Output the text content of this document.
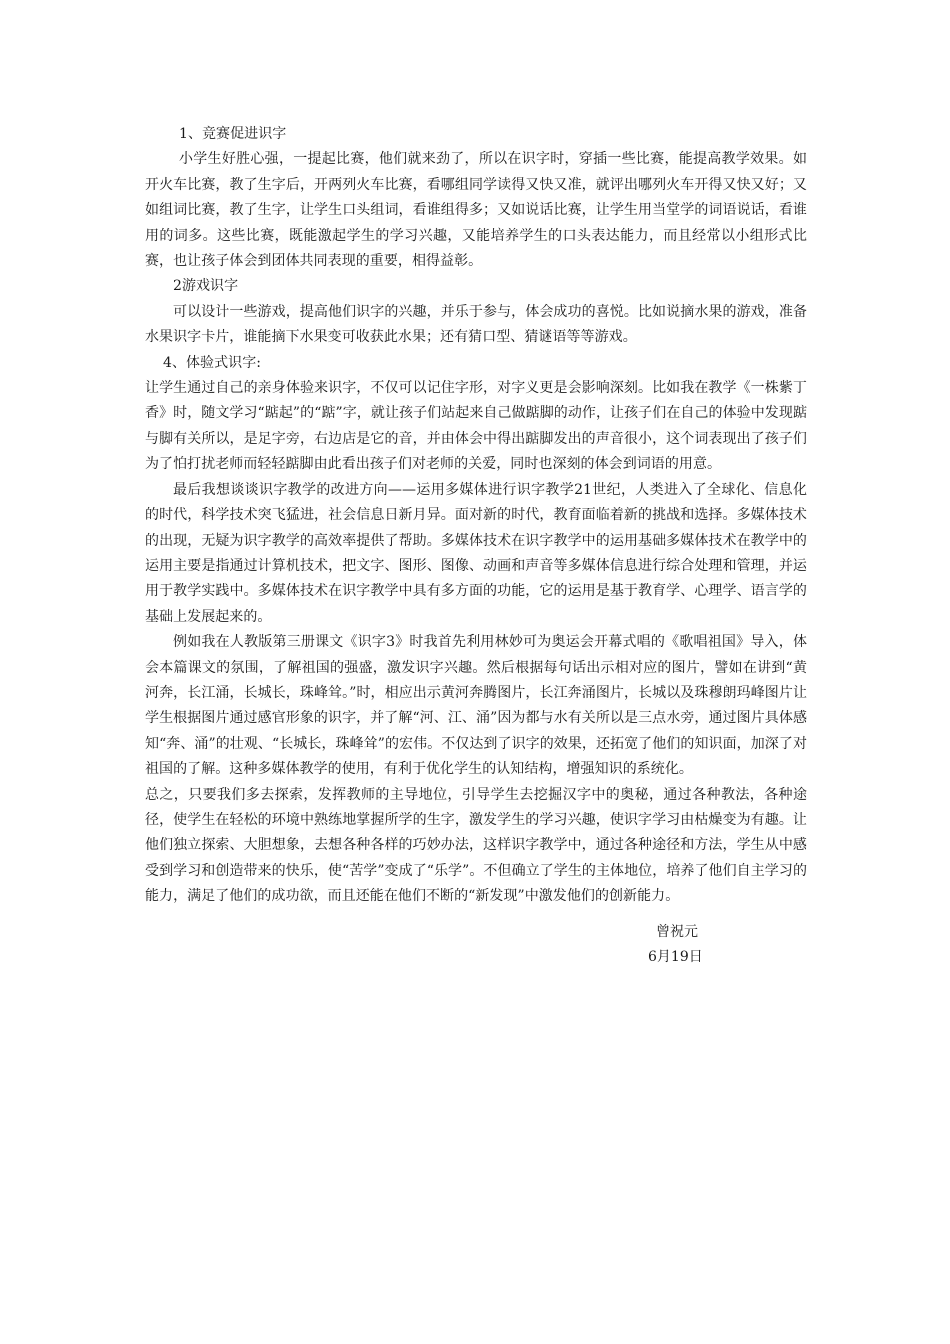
1、竞赛促进识字

小学生好胜心强，一提起比赛，他们就来劲了，所以在识字时，穿插一些比赛，能提高教学效果。如开火车比赛，教了生字后，开两列火车比赛，看哪组同学读得又快又准，就评出哪列火车开得又快又好；又如组词比赛，教了生字，让学生口头组词，看谁组得多；又如说话比赛，让学生用当堂学的词语说话，看谁用的词多。这些比赛，既能激起学生的学习兴趣，又能培养学生的口头表达能力，而且经常以小组形式比赛，也让孩子体会到团体共同表现的重要，相得益彰。

2游戏识字

可以设计一些游戏，提高他们识字的兴趣，并乐于参与，体会成功的喜悦。比如说摘水果的游戏，准备水果识字卡片，谁能摘下水果变可收获此水果；还有猜口型、猜谜语等等游戏。

4、体验式识字:

让学生通过自己的亲身体验来识字，不仅可以记住字形，对字义更是会影响深刻。比如我在教学《一株紫丁香》时，随文学习“踮起”的“踮”字，就让孩子们站起来自己做踮脚的动作，让孩子们在自己的体验中发现踮与脚有关所以，是足字旁，右边店是它的音，并由体会中得出踮脚发出的声音很小，这个词表现出了孩子们为了怕打扰老师而轻轻踮脚由此看出孩子们对老师的关爱，同时也深刻的体会到词语的用意。

最后我想谈谈识字教学的改进方向——运用多媒体进行识字教学21世纪，人类进入了全球化、信息化的时代，科学技术突飞猛进，社会信息日新月异。面对新的时代，教育面临着新的挑战和选择。多媒体技术的出现，无疑为识字教学的高效率提供了帮助。多媒体技术在识字教学中的运用基础多媒体技术在教学中的运用主要是指通过计算机技术，把文字、图形、图像、动画和声音等多媒体信息进行综合处理和管理，并运用于教学实践中。多媒体技术在识字教学中具有多方面的功能，它的运用是基于教育学、心理学、语言学的基础上发展起来的。

例如我在人教版第三册课文《识字3》时我首先利用林妙可为奥运会开幕式唱的《歌唱祖国》导入，体会本篇课文的氛围，了解祖国的强盛，激发识字兴趣。然后根据每句话出示相对应的图片，譬如在讲到“黄河奔，长江涌，长城长，珠峰耸。”时，相应出示黄河奔腾图片，长江奔涌图片，长城以及珠穆朗玛峰图片让学生根据图片通过感官形象的识字，并了解“河、江、涌”因为都与水有关所以是三点水旁，通过图片具体感知“奔、涌”的壮观、“长城长，珠峰耸”的宏伟。不仅达到了识字的效果，还拓宽了他们的知识面，加深了对祖国的了解。这种多媒体教学的使用，有利于优化学生的认知结构，增强知识的系统化。

总之，只要我们多去探索，发挥教师的主导地位，引导学生去挖掘汉字中的奥秘，通过各种教法，各种途径，使学生在轻松的环境中熟练地掌握所学的生字，激发学生的学习兴趣，使识字学习由枯燥变为有趣。让他们独立探索、大胆想象，去想各种各样的巧妙办法，这样识字教学中，通过各种途径和方法，学生从中感受到学习和创造带来的快乐，使“苦学”变成了“乐学”。不但确立了学生的主体地位，培养了他们自主学习的能力，满足了他们的成功欲，而且还能在他们不断的“新发现”中激发他们的创新能力。

曾祝元
6月19日
